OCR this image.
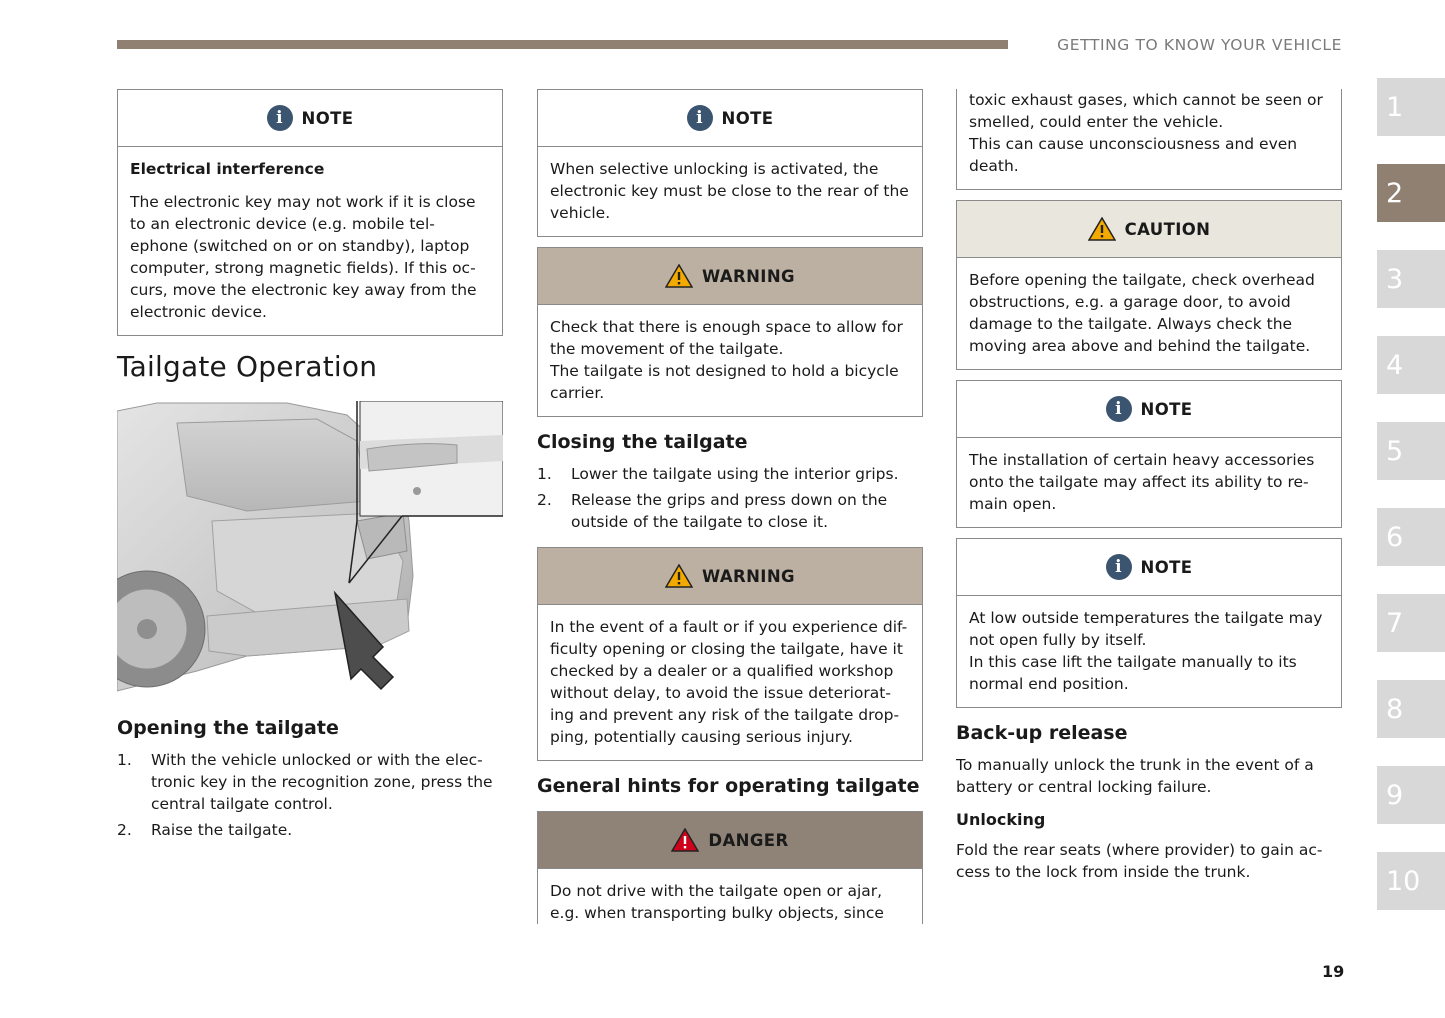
GETTING TO KNOW YOUR VEHICLE
i	NOTE

Electrical interference

The electronic key may not work if it is close to an electronic device (e.g. mobile tel-ephone (switched on or on standby), laptop computer, strong magnetic fields). If this oc-curs, move the electronic key away from the electronic device.

Tailgate Operation
Opening the tailgate
1. With the vehicle unlocked or with the elec-tronic key in the recognition zone, press the central tailgate control.
2. Raise the tailgate.
i	NOTE

When selective unlocking is activated, the electronic key must be close to the rear of the vehicle.

WARNING

Check that there is enough space to allow for the movement of the tailgate.

The tailgate is not designed to hold a bicycle carrier.

Closing the tailgate
1. Lower the tailgate using the interior grips.
2. Release the grips and press down on the outside of the tailgate to close it.
WARNING

In the event of a fault or if you experience dif-ficulty opening or closing the tailgate, have it checked by a dealer or a qualified workshop without delay, to avoid the issue deteriorat-ing and prevent any risk of the tailgate drop-ping, potentially causing serious injury.

General hints for operating tailgate
DANGER

Do not drive with the tailgate open or ajar, e.g. when transporting bulky objects, since

toxic exhaust gases, which cannot be seen or smelled, could enter the vehicle.

This can cause unconsciousness and even death.

CAUTION

Before opening the tailgate, check overhead obstructions, e.g. a garage door, to avoid damage to the tailgate. Always check the moving area above and behind the tailgate.

i	NOTE

The installation of certain heavy accessories onto the tailgate may affect its ability to re-main open.

i	NOTE

At low outside temperatures the tailgate may not open fully by itself.

In this case lift the tailgate manually to its normal end position.

Back-up release

To manually unlock the trunk in the event of a battery or central locking failure.

Unlocking

Fold the rear seats (where provider) to gain ac-cess to the lock from inside the trunk.

1
2
3
4
5
6
7
8
9
10
19
